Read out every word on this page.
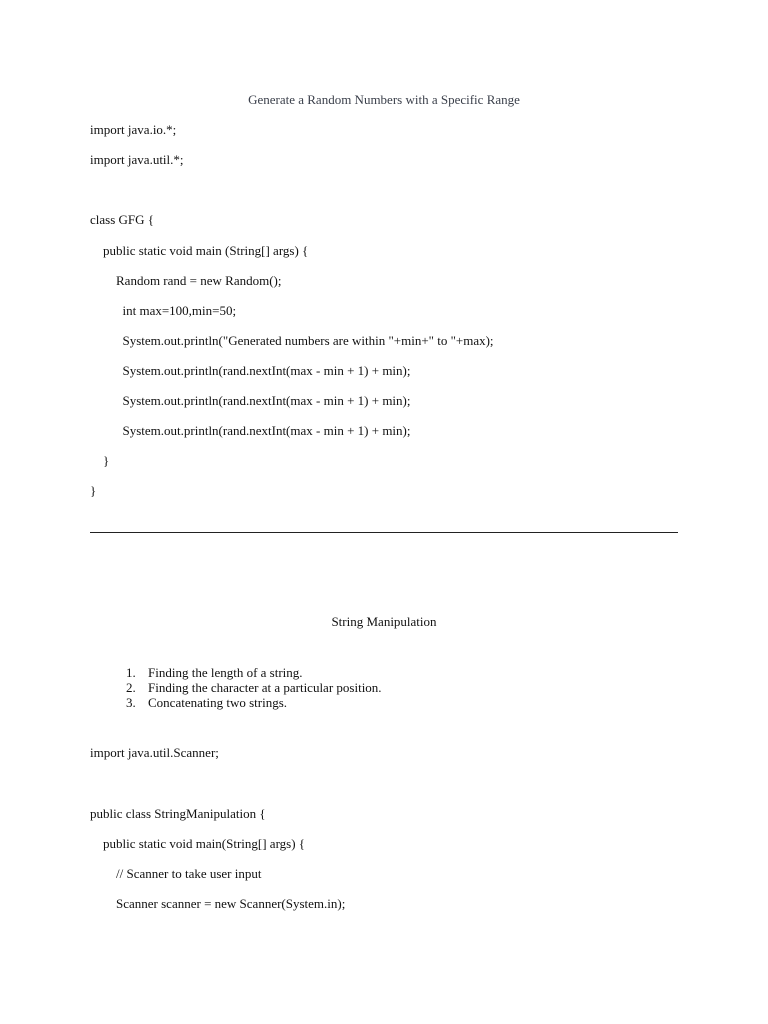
Generate a Random Numbers with a Specific Range
import java.io.*;
import java.util.*;
class GFG {
public static void main (String[] args) {
Random rand = new Random();
int max=100,min=50;
System.out.println("Generated numbers are within "+min+" to "+max);
System.out.println(rand.nextInt(max - min + 1) + min);
System.out.println(rand.nextInt(max - min + 1) + min);
System.out.println(rand.nextInt(max - min + 1) + min);
}
}
String Manipulation

1. Finding the length of a string.

2. Finding the character at a particular position.

3. Concatenating two strings.

import java.util.Scanner;
public class StringManipulation {
public static void main(String[] args) {
// Scanner to take user input
Scanner scanner = new Scanner(System.in);
